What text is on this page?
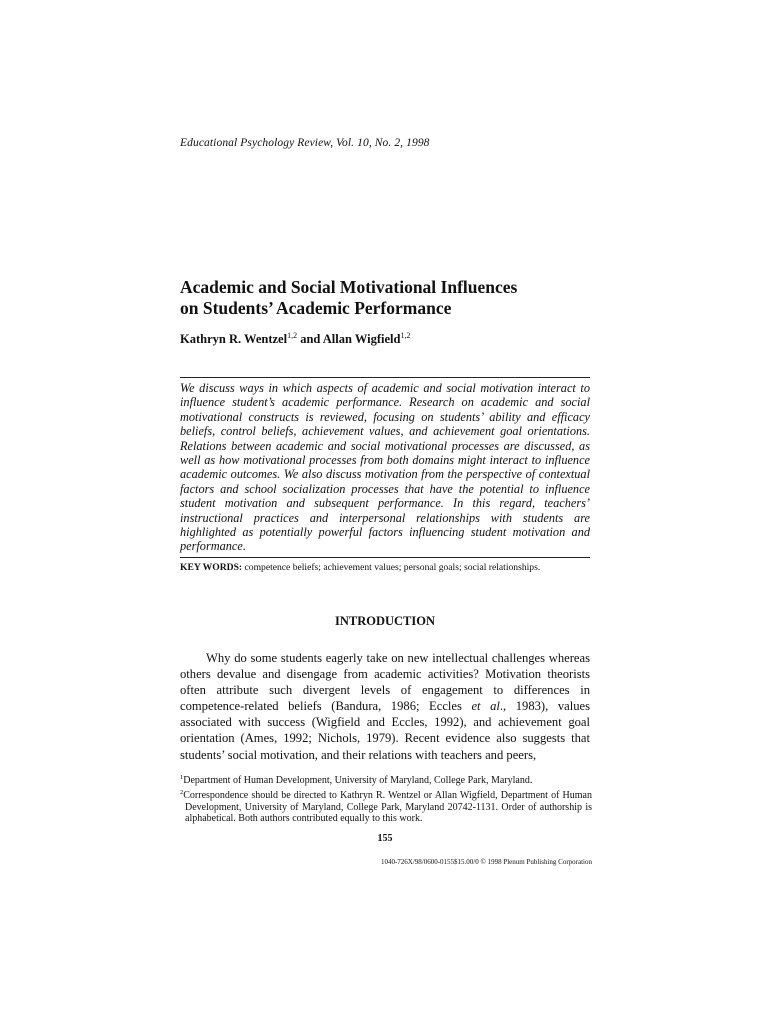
Educational Psychology Review, Vol. 10, No. 2, 1998
Academic and Social Motivational Influences
on Students’ Academic Performance
Kathryn R. Wentzel$^{1,2}$ and Allan Wigfield$^{1,2}$

We discuss ways in which aspects of academic and social motivation interact to influence student’s academic performance. Research on academic and social motivational constructs is reviewed, focusing on students’ ability and efficacy beliefs, control beliefs, achievement values, and achievement goal orientations. Relations between academic and social motivational processes are discussed, as well as how motivational processes from both domains might interact to influence academic outcomes. We also discuss motivation from the perspective of contextual factors and school socialization processes that have the potential to influence student motivation and subsequent performance. In this regard, teachers’ instructional practices and interpersonal relationships with students are highlighted as potentially powerful factors influencing student motivation and performance.

KEY WORDS: competence beliefs; achievement values; personal goals; social relationships.
INTRODUCTION

Why do some students eagerly take on new intellectual challenges whereas others devalue and disengage from academic activities? Motivation theorists often attribute such divergent levels of engagement to differences in competence-related beliefs (Bandura, 1986; Eccles et al., 1983), values associated with success (Wigfield and Eccles, 1992), and achievement goal orientation (Ames, 1992; Nichols, 1979). Recent evidence also suggests that students’ social motivation, and their relations with teachers and peers,

$^1$Department of Human Development, University of Maryland, College Park, Maryland.
$^2$Correspondence should be directed to Kathryn R. Wentzel or Allan Wigfield, Department of Human Development, University of Maryland, College Park, Maryland 20742-1131. Order of authorship is alphabetical. Both authors contributed equally to this work.
155
1040-726X/98/0600-0155$15.00/0 © 1998 Plenum Publishing Corporation
